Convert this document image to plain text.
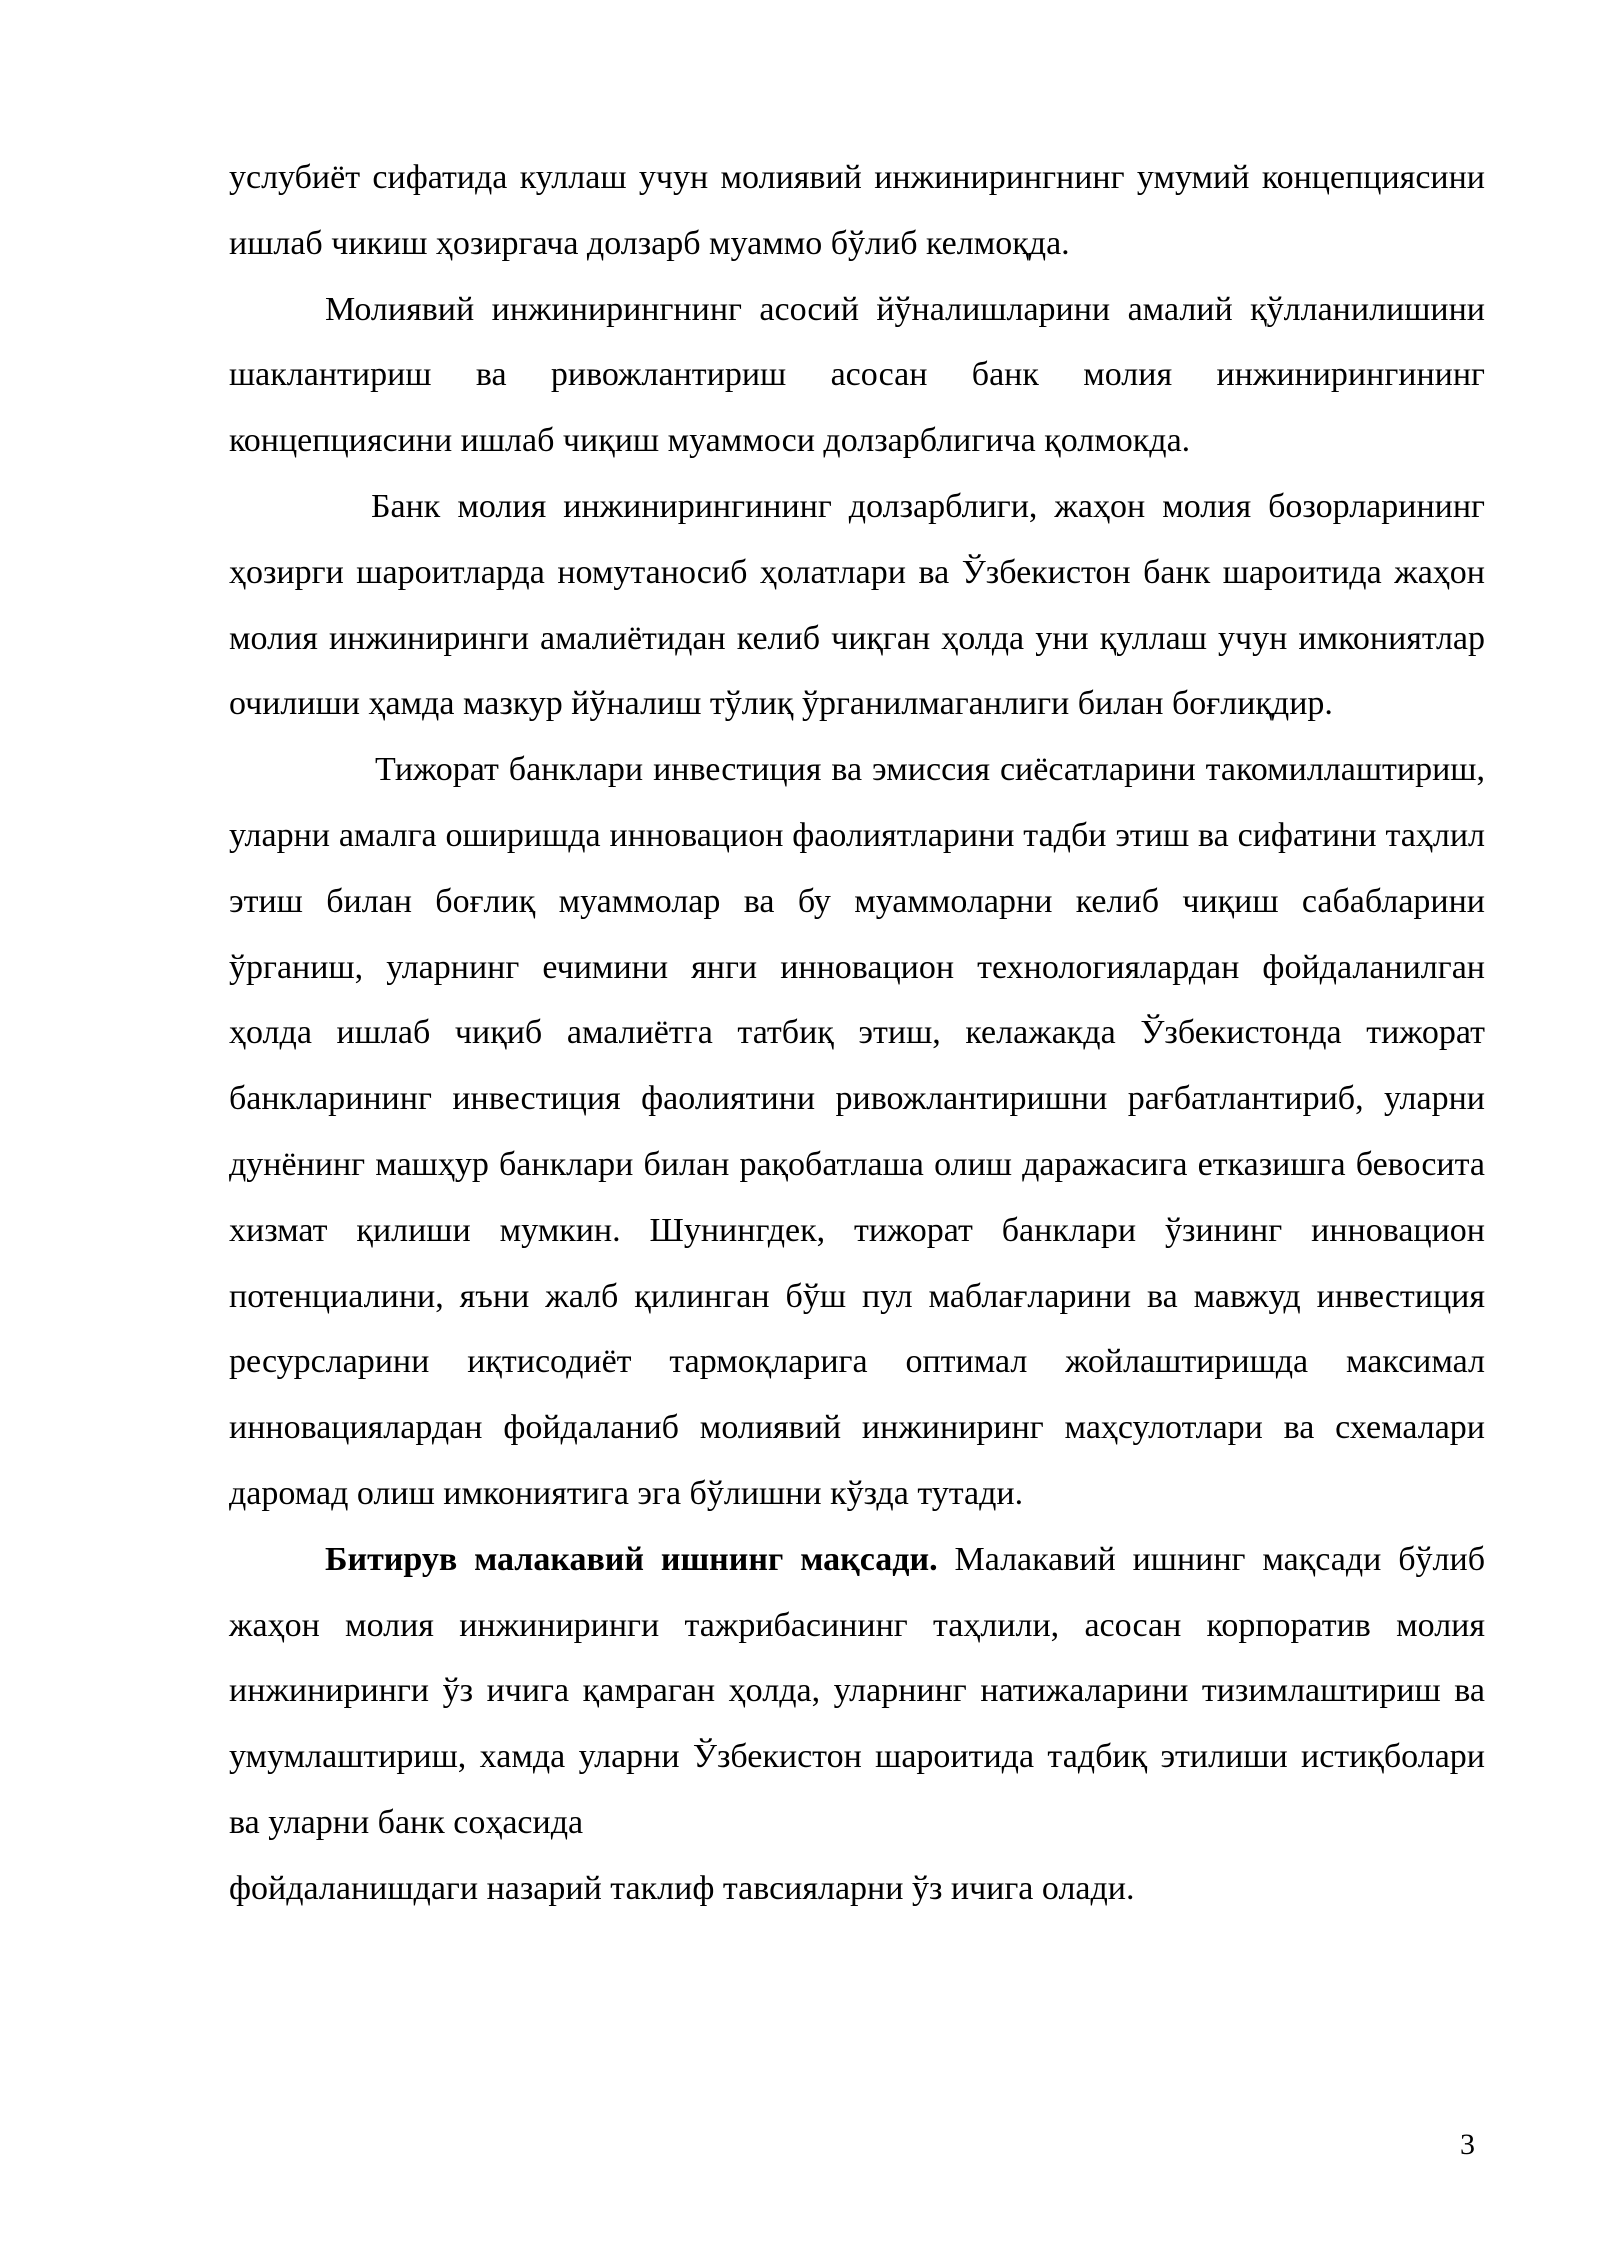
услубиёт сифатида куллаш учун молиявий инжинирингнинг умумий концепциясини ишлаб чикиш ҳозиргача долзарб муаммо бўлиб келмоқда.

Молиявий инжинирингнинг асосий йўналишларини амалий қўлланилишини шаклантириш ва ривожлантириш асосан банк молия инжинирингининг концепциясини ишлаб чиқиш муаммоси долзарблигича қолмокда.

Банк молия инжинирингининг долзарблиги, жаҳон молия бозорларининг ҳозирги шароитларда номутаносиб ҳолатлари ва Ўзбекистон банк шароитида жаҳон молия инжиниринги амалиётидан келиб чиқган ҳолда уни қуллаш учун имкониятлар очилиши ҳамда мазкур йўналиш тўлиқ ўрганилмаганлиги билан боғлиқдир.

Тижорат банклари инвестиция ва эмиссия сиёсатларини такомиллаштириш, уларни амалга оширишда инновацион фаолиятларини тадби этиш ва сифатини таҳлил этиш билан боғлиқ муаммолар ва бу муаммоларни келиб чиқиш сабабларини ўрганиш, уларнинг ечимини янги инновацион технологиялардан фойдаланилган ҳолда ишлаб чиқиб амалиётга татбиқ этиш, келажакда Ўзбекистонда тижорат банкларининг инвестиция фаолиятини ривожлантиришни рағбатлантириб, уларни дунёнинг машҳур банклари билан рақобатлаша олиш даражасига етказишга бевосита хизмат қилиши мумкин. Шунингдек, тижорат банклари ўзининг инновацион потенциалини, яъни жалб қилинган бўш пул маблағларини ва мавжуд инвестиция ресурсларини иқтисодиёт тармоқларига оптимал жойлаштиришда максимал инновациялардан фойдаланиб молиявий инжиниринг маҳсулотлари ва схемалари даромад олиш имкониятига эга бўлишни кўзда тутади.

Битирув малакавий ишнинг мақсади. Малакавий ишнинг мақсади бўлиб жаҳон молия инжиниринги тажрибасининг таҳлили, асосан корпоратив молия инжиниринги ўз ичига қамраган ҳолда, уларнинг натижаларини тизимлаштириш ва умумлаштириш, хамда уларни Ўзбекистон шароитида тадбиқ этилиши истиқболари ва уларни банк соҳасида

фойдаланишдаги назарий таклиф тавсияларни ўз ичига олади.

3
